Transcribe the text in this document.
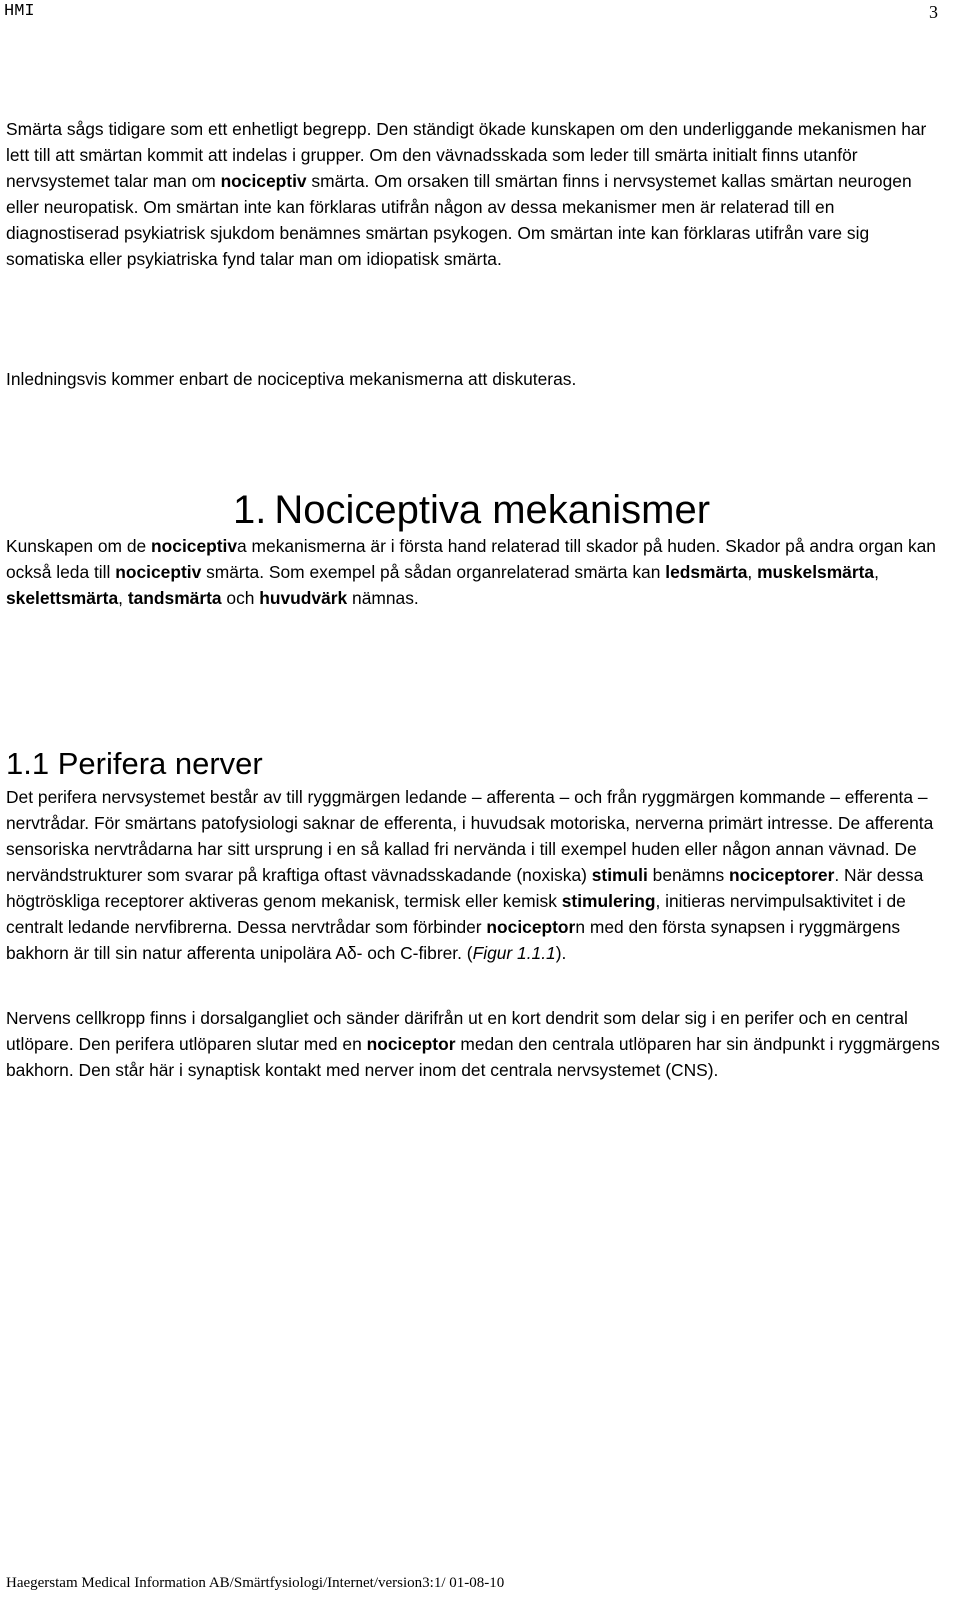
HMI	3

Smärta sågs tidigare som ett enhetligt begrepp. Den ständigt ökade kunskapen om den underliggande mekanismen har lett till att smärtan kommit att indelas i grupper. Om den vävnadsskada som leder till smärta initialt finns utanför nervsystemet talar man om nociceptiv smärta. Om orsaken till smärtan finns i nervsystemet kallas smärtan neurogen eller neuropatisk. Om smärtan inte kan förklaras utifrån någon av dessa mekanismer men är relaterad till en diagnostiserad psykiatrisk sjukdom benämnes smärtan psykogen. Om smärtan inte kan förklaras utifrån vare sig somatiska eller psykiatriska fynd talar man om idiopatisk smärta.

Inledningsvis kommer enbart de nociceptiva mekanismerna att diskuteras.

1. Nociceptiva mekanismer

Kunskapen om de nociceptiva mekanismerna är i första hand relaterad till skador på huden. Skador på andra organ kan också leda till nociceptiv smärta. Som exempel på sådan organrelaterad smärta kan ledsmärta, muskelsmärta, skelettsmärta, tandsmärta och huvudvärk nämnas.

1.1 Perifera nerver

Det perifera nervsystemet består av till ryggmärgen ledande – afferenta – och från ryggmärgen kommande – efferenta – nervtrådar. För smärtans patofysiologi saknar de efferenta, i huvudsak motoriska, nerverna primärt intresse. De afferenta sensoriska nervtrådarna har sitt ursprung i en så kallad fri nervända i till exempel huden eller någon annan vävnad. De nervändstrukturer som svarar på kraftiga oftast vävnadsskadande (noxiska) stimuli benämns nociceptorer. När dessa högtröskliga receptorer aktiveras genom mekanisk, termisk eller kemisk stimulering, initieras nervimpulsaktivitet i de centralt ledande nervfibrerna. Dessa nervtrådar som förbinder nociceptorn med den första synapsen i ryggmärgens bakhorn är till sin natur afferenta unipolära Aδ- och C-fibrer. (Figur 1.1.1).

Nervens cellkropp finns i dorsalgangliet och sänder därifrån ut en kort dendrit som delar sig i en perifer och en central utlöpare. Den perifera utlöparen slutar med en nociceptor medan den centrala utlöparen har sin ändpunkt i ryggmärgens bakhorn. Den står här i synaptisk kontakt med nerver inom det centrala nervsystemet (CNS).

Haegerstam Medical Information AB/Smärtfysiologi/Internet/version3:1/ 01-08-10
